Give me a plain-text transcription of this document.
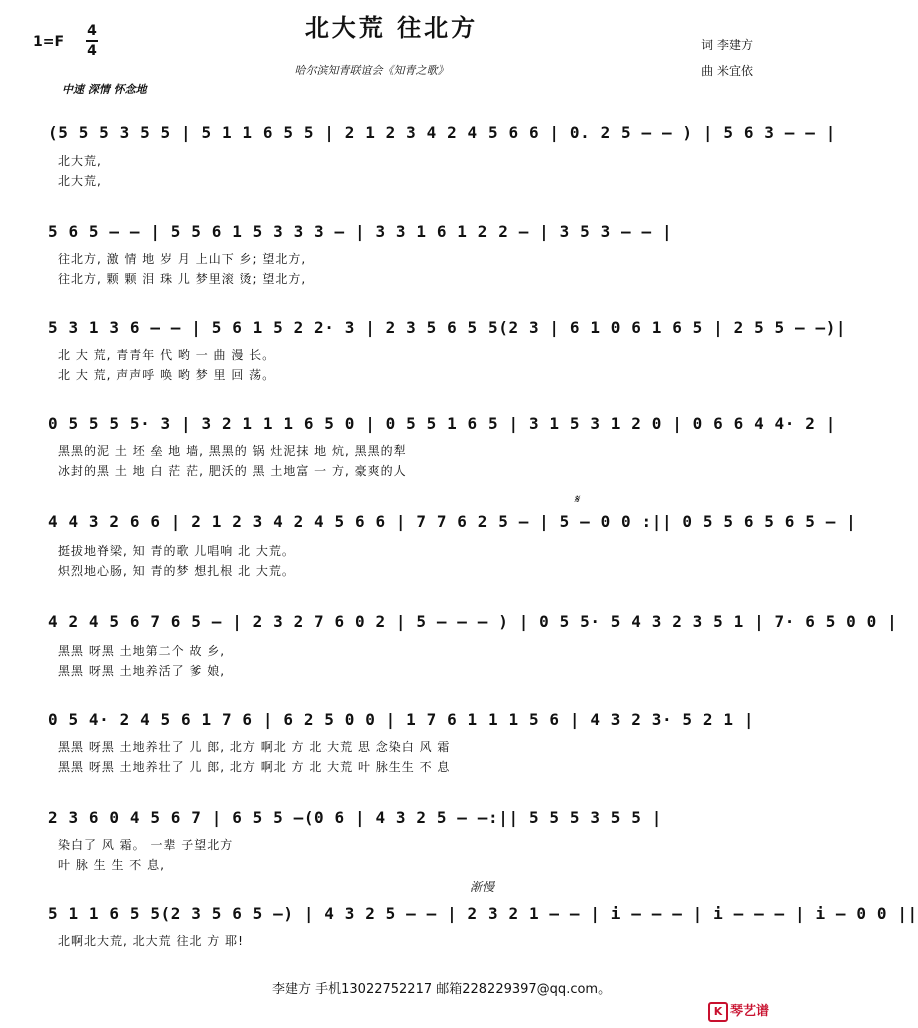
北大荒 往北方
1=F
4
4
哈尔滨知青联谊会《知青之歌》
词 李建方
曲 米宜依
中速 深情 怀念地
(5 5 5 3 5 5 | 5 1 1 6 5 5 | 2 1 2 3 4 2 4 5 6 6 | 0. 2 5 — — ) | 5 6 3 — — |
北大荒,
北大荒,
5 6 5 — — | 5 5 6 1 5 3 3 3 — | 3 3 1 6 1 2 2 — | 3 5 3 — — |
往北方, 激 情 地 岁 月 上山下 乡; 望北方,
往北方, 颗 颗 泪 珠 儿 梦里滚 烫; 望北方,
5 3 1 3 6 — — | 5 6 1 5 2 2· 3 | 2 3 5 6 5 5(2 3 | 6 1 0 6 1 6 5 | 2 5 5 — —)|
北 大 荒, 青青年 代 哟 一 曲 漫 长。
北 大 荒, 声声呼 唤 哟 梦 里 回 荡。
0 5 5 5 5· 3 | 3 2 1 1 1 6 5 0 | 0 5 5 1 6 5 | 3 1 5 3 1 2 0 | 0 6 6 4 4· 2 |
黑黑的泥 土 坯 垒 地 墙, 黑黑的 锅 灶泥抹 地 炕, 黑黑的犁
冰封的黑 土 地 白 茫 茫, 肥沃的 黑 土地富 一 方, 豪爽的人
𝄋
4 4 3 2 6 6 | 2 1 2 3 4 2 4 5 6 6 | 7 7 6 2 5 — | 5 — 0 0 :|| 0 5 5 6 5 6 5 — |
挺拔地脊梁, 知 青的歌 儿唱响 北 大荒。
炽烈地心肠, 知 青的梦 想扎根 北 大荒。
4 2 4 5 6 7 6 5 — | 2 3 2 7 6 0 2 | 5 — — — ) | 0 5 5· 5 4 3 2 3 5 1 | 7· 6 5 0 0 |
黑黑 呀黑 土地第二个 故 乡,
黑黑 呀黑 土地养活了 爹 娘,
0 5 4· 2 4 5 6 1 7 6 | 6 2 5 0 0 | 1 7 6 1 1 1 5 6 | 4 3 2 3· 5 2 1 |
黑黑 呀黑 土地养壮了 儿 郎, 北方 啊北 方 北 大荒 思 念染白 风 霜
黑黑 呀黑 土地养壮了 儿 郎, 北方 啊北 方 北 大荒 叶 脉生生 不 息
2 3 6 0 4 5 6 7 | 6 5 5 —(0 6 | 4 3 2 5 — —:|| 5 5 5 3 5 5 |
染白了 风 霜。 一辈 子望北方
叶 脉 生 生 不 息,
渐慢
5 1 1 6 5 5(2 3 5 6 5 —) | 4 3 2 5 — — | 2 3 2 1 — — | i — — — | i — — — | i — 0 0 ||
北啊北大荒, 北大荒 往北 方 耶!
李建方 手机13022752217 邮箱228229397@qq.com。
K 琴艺谱
